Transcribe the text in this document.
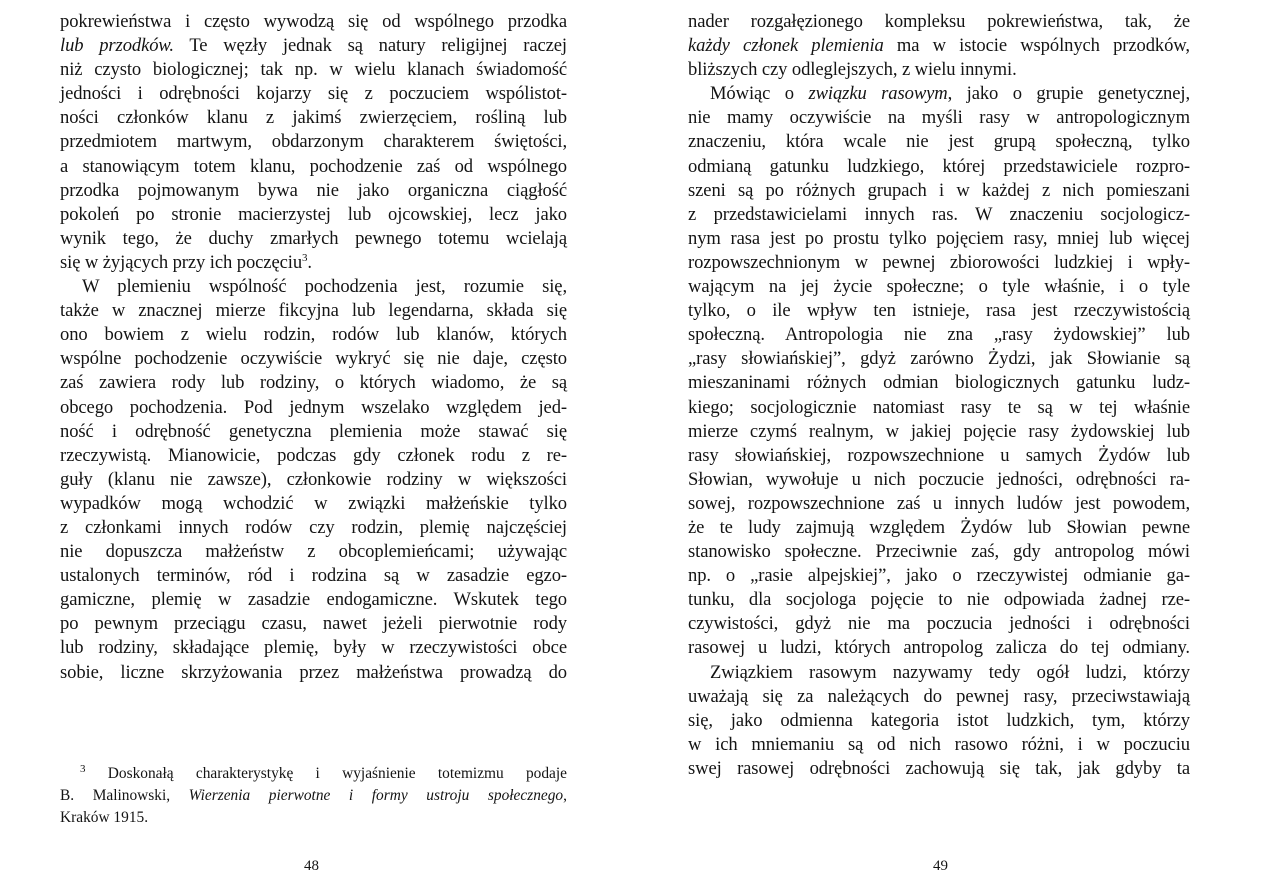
pokrewieństwa i często wywodzą się od wspólnego przodka
lub przodków. Te węzły jednak są natury religijnej raczej
niż czysto biologicznej; tak np. w wielu klanach świadomość
jedności i odrębności kojarzy się z poczuciem wspólistot-
ności członków klanu z jakimś zwierzęciem, rośliną lub
przedmiotem martwym, obdarzonym charakterem świętości,
a stanowiącym totem klanu, pochodzenie zaś od wspólnego
przodka pojmowanym bywa nie jako organiczna ciągłość
pokoleń po stronie macierzystej lub ojcowskiej, lecz jako
wynik tego, że duchy zmarłych pewnego totemu wcielają
się w żyjących przy ich poczęciu$^3$.
W plemieniu wspólność pochodzenia jest, rozumie się,
także w znacznej mierze fikcyjna lub legendarna, składa się
ono bowiem z wielu rodzin, rodów lub klanów, których
wspólne pochodzenie oczywiście wykryć się nie daje, często
zaś zawiera rody lub rodziny, o których wiadomo, że są
obcego pochodzenia. Pod jednym wszelako względem jed-
ność i odrębność genetyczna plemienia może stawać się
rzeczywistą. Mianowicie, podczas gdy członek rodu z re-
guły (klanu nie zawsze), członkowie rodziny w większości
wypadków mogą wchodzić w związki małżeńskie tylko
z członkami innych rodów czy rodzin, plemię najczęściej
nie dopuszcza małżeństw z obcoplemieńcami; używając
ustalonych terminów, ród i rodzina są w zasadzie egzo-
gamiczne, plemię w zasadzie endogamiczne. Wskutek tego
po pewnym przeciągu czasu, nawet jeżeli pierwotnie rody
lub rodziny, składające plemię, były w rzeczywistości obce
sobie, liczne skrzyżowania przez małżeństwa prowadzą do
$^3$ Doskonałą charakterystykę i wyjaśnienie totemizmu podaje
B. Malinowski, Wierzenia pierwotne i formy ustroju społecznego,
Kraków 1915.
48
nader rozgałęzionego kompleksu pokrewieństwa, tak, że
każdy członek plemienia ma w istocie wspólnych przodków,
bliższych czy odleglejszych, z wielu innymi.
Mówiąc o związku rasowym, jako o grupie genetycznej,
nie mamy oczywiście na myśli rasy w antropologicznym
znaczeniu, która wcale nie jest grupą społeczną, tylko
odmianą gatunku ludzkiego, której przedstawiciele rozpro-
szeni są po różnych grupach i w każdej z nich pomieszani
z przedstawicielami innych ras. W znaczeniu socjologicz-
nym rasa jest po prostu tylko pojęciem rasy, mniej lub więcej
rozpowszechnionym w pewnej zbiorowości ludzkiej i wpły-
wającym na jej życie społeczne; o tyle właśnie, i o tyle
tylko, o ile wpływ ten istnieje, rasa jest rzeczywistością
społeczną. Antropologia nie zna „rasy żydowskiej” lub
„rasy słowiańskiej”, gdyż zarówno Żydzi, jak Słowianie są
mieszaninami różnych odmian biologicznych gatunku ludz-
kiego; socjologicznie natomiast rasy te są w tej właśnie
mierze czymś realnym, w jakiej pojęcie rasy żydowskiej lub
rasy słowiańskiej, rozpowszechnione u samych Żydów lub
Słowian, wywołuje u nich poczucie jedności, odrębności ra-
sowej, rozpowszechnione zaś u innych ludów jest powodem,
że te ludy zajmują względem Żydów lub Słowian pewne
stanowisko społeczne. Przeciwnie zaś, gdy antropolog mówi
np. o „rasie alpejskiej”, jako o rzeczywistej odmianie ga-
tunku, dla socjologa pojęcie to nie odpowiada żadnej rze-
czywistości, gdyż nie ma poczucia jedności i odrębności
rasowej u ludzi, których antropolog zalicza do tej odmiany.
Związkiem rasowym nazywamy tedy ogół ludzi, którzy
uważają się za należących do pewnej rasy, przeciwstawiają
się, jako odmienna kategoria istot ludzkich, tym, którzy
w ich mniemaniu są od nich rasowo różni, i w poczuciu
swej rasowej odrębności zachowują się tak, jak gdyby ta
49
